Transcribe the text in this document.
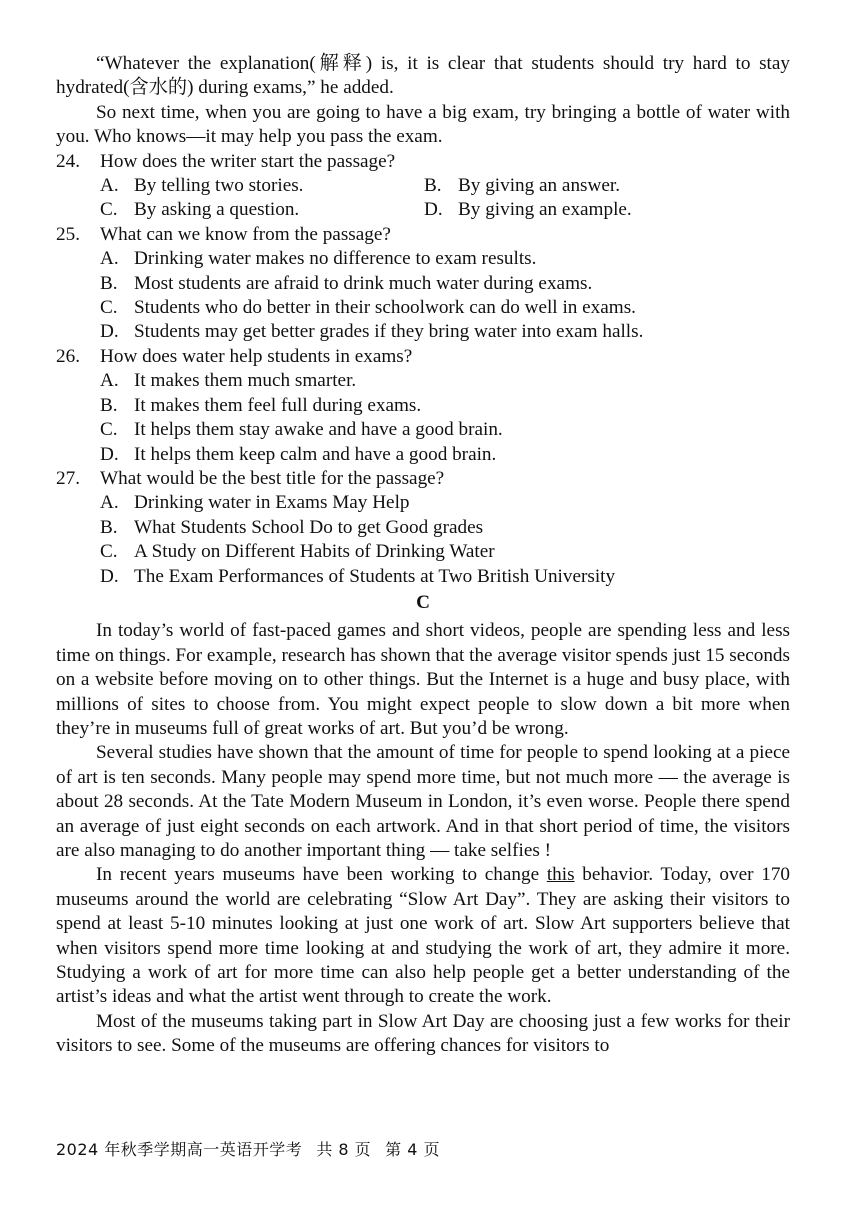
“Whatever the explanation(解释) is, it is clear that students should try hard to stay hydrated(含水的) during exams,” he added.

So next time, when you are going to have a big exam, try bringing a bottle of water with you. Who knows—it may help you pass the exam.

24. How does the writer start the passage?
A. By telling two stories.	B. By giving an answer.
C. By asking a question.	D. By giving an example.
25. What can we know from the passage?
A. Drinking water makes no difference to exam results.
B. Most students are afraid to drink much water during exams.
C. Students who do better in their schoolwork can do well in exams.
D. Students may get better grades if they bring water into exam halls.
26. How does water help students in exams?
A. It makes them much smarter.
B. It makes them feel full during exams.
C. It helps them stay awake and have a good brain.
D. It helps them keep calm and have a good brain.
27. What would be the best title for the passage?
A. Drinking water in Exams May Help
B. What Students School Do to get Good grades
C. A Study on Different Habits of Drinking Water
D. The Exam Performances of Students at Two British University
C

In today’s world of fast-paced games and short videos, people are spending less and less time on things. For example, research has shown that the average visitor spends just 15 seconds on a website before moving on to other things. But the Internet is a huge and busy place, with millions of sites to choose from. You might expect people to slow down a bit more when they’re in museums full of great works of art. But you’d be wrong.

Several studies have shown that the amount of time for people to spend looking at a piece of art is ten seconds. Many people may spend more time, but not much more — the average is about 28 seconds. At the Tate Modern Museum in London, it’s even worse. People there spend an average of just eight seconds on each artwork. And in that short period of time, the visitors are also managing to do another important thing — take selfies !

In recent years museums have been working to change this behavior. Today, over 170 museums around the world are celebrating “Slow Art Day”. They are asking their visitors to spend at least 5-10 minutes looking at just one work of art. Slow Art supporters believe that when visitors spend more time looking at and studying the work of art, they admire it more. Studying a work of art for more time can also help people get a better understanding of the artist’s ideas and what the artist went through to create the work.

Most of the museums taking part in Slow Art Day are choosing just a few works for their visitors to see. Some of the museums are offering chances for visitors to

2024 年秋季学期高一英语开学考 共 8 页 第 4 页
